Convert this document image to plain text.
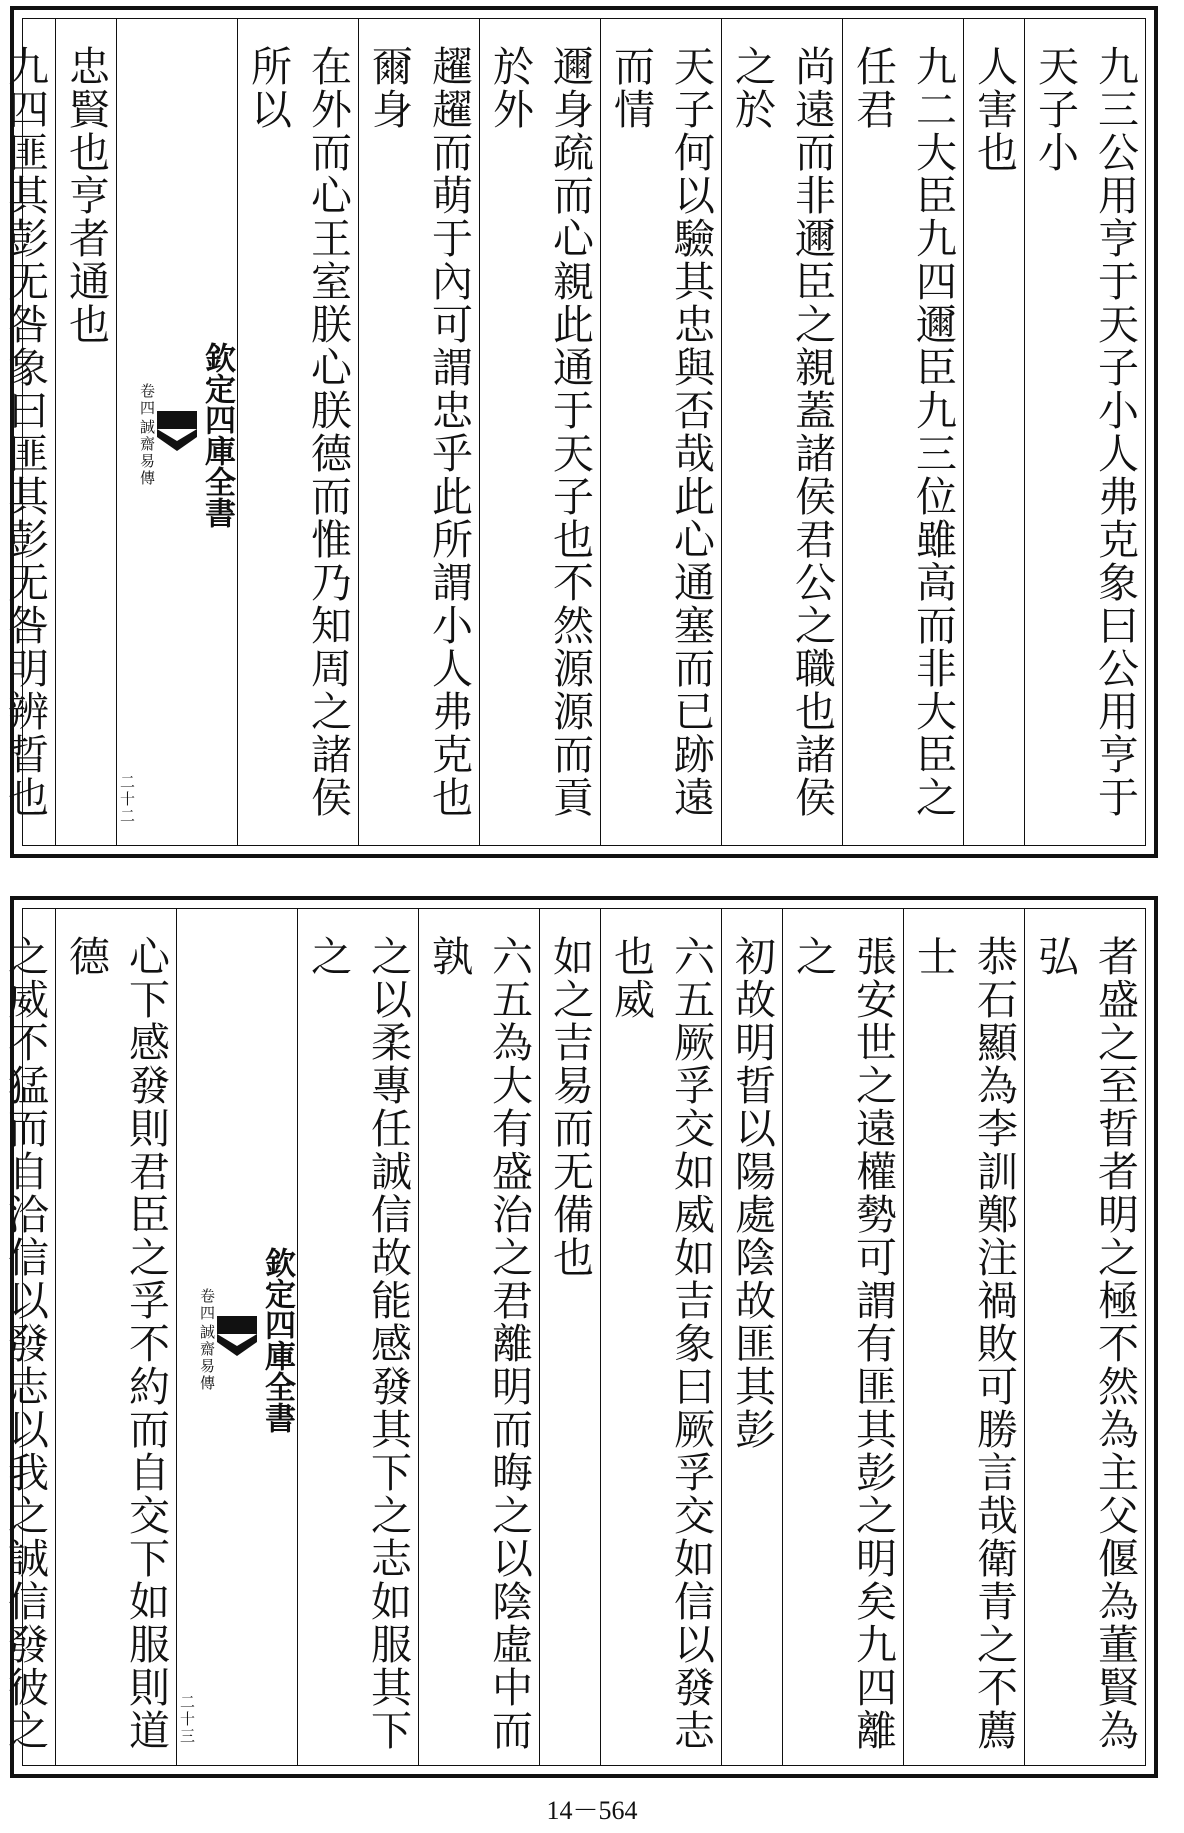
九三公用亨于天子小人弗克象曰公用亨于天子小
人害也
九二大臣九四邇臣九三位雖高而非大臣之任君
尚遠而非邇臣之親蓋諸侯君公之職也諸侯之於
天子何以驗其忠與否哉此心通塞而已跡遠而情
邇身疏而心親此通于天子也不然源源而貢於外
趯趯而萌于內可謂忠乎此所謂小人弗克也爾身
在外而心王室朕心朕德而惟乃知周之諸侯所以
欽定四庫全書
誠齋易傳
卷四
二十二
忠賢也亨者通也
九四匪其彭无咎象曰匪其彭无咎明辨晢也
者盛之至晢者明之極不然為主父偃為董賢為弘
恭石顯為李訓鄭注禍敗可勝言哉衛青之不薦士
張安世之遠權勢可謂有匪其彭之明矣九四離之
初故明晢以陽處陰故匪其彭
六五厥孚交如威如吉象曰厥孚交如信以發志也威
如之吉易而无備也
六五為大有盛治之君離明而晦之以陰虛中而孰
之以柔專任誠信故能感發其下之志如服其下之
欽定四庫全書
誠齋易傳
卷四
二十三
心下感發則君臣之孚不約而自交下如服則道德
之威不猛而自洽信以發志以我之誠信發彼之
14－564
